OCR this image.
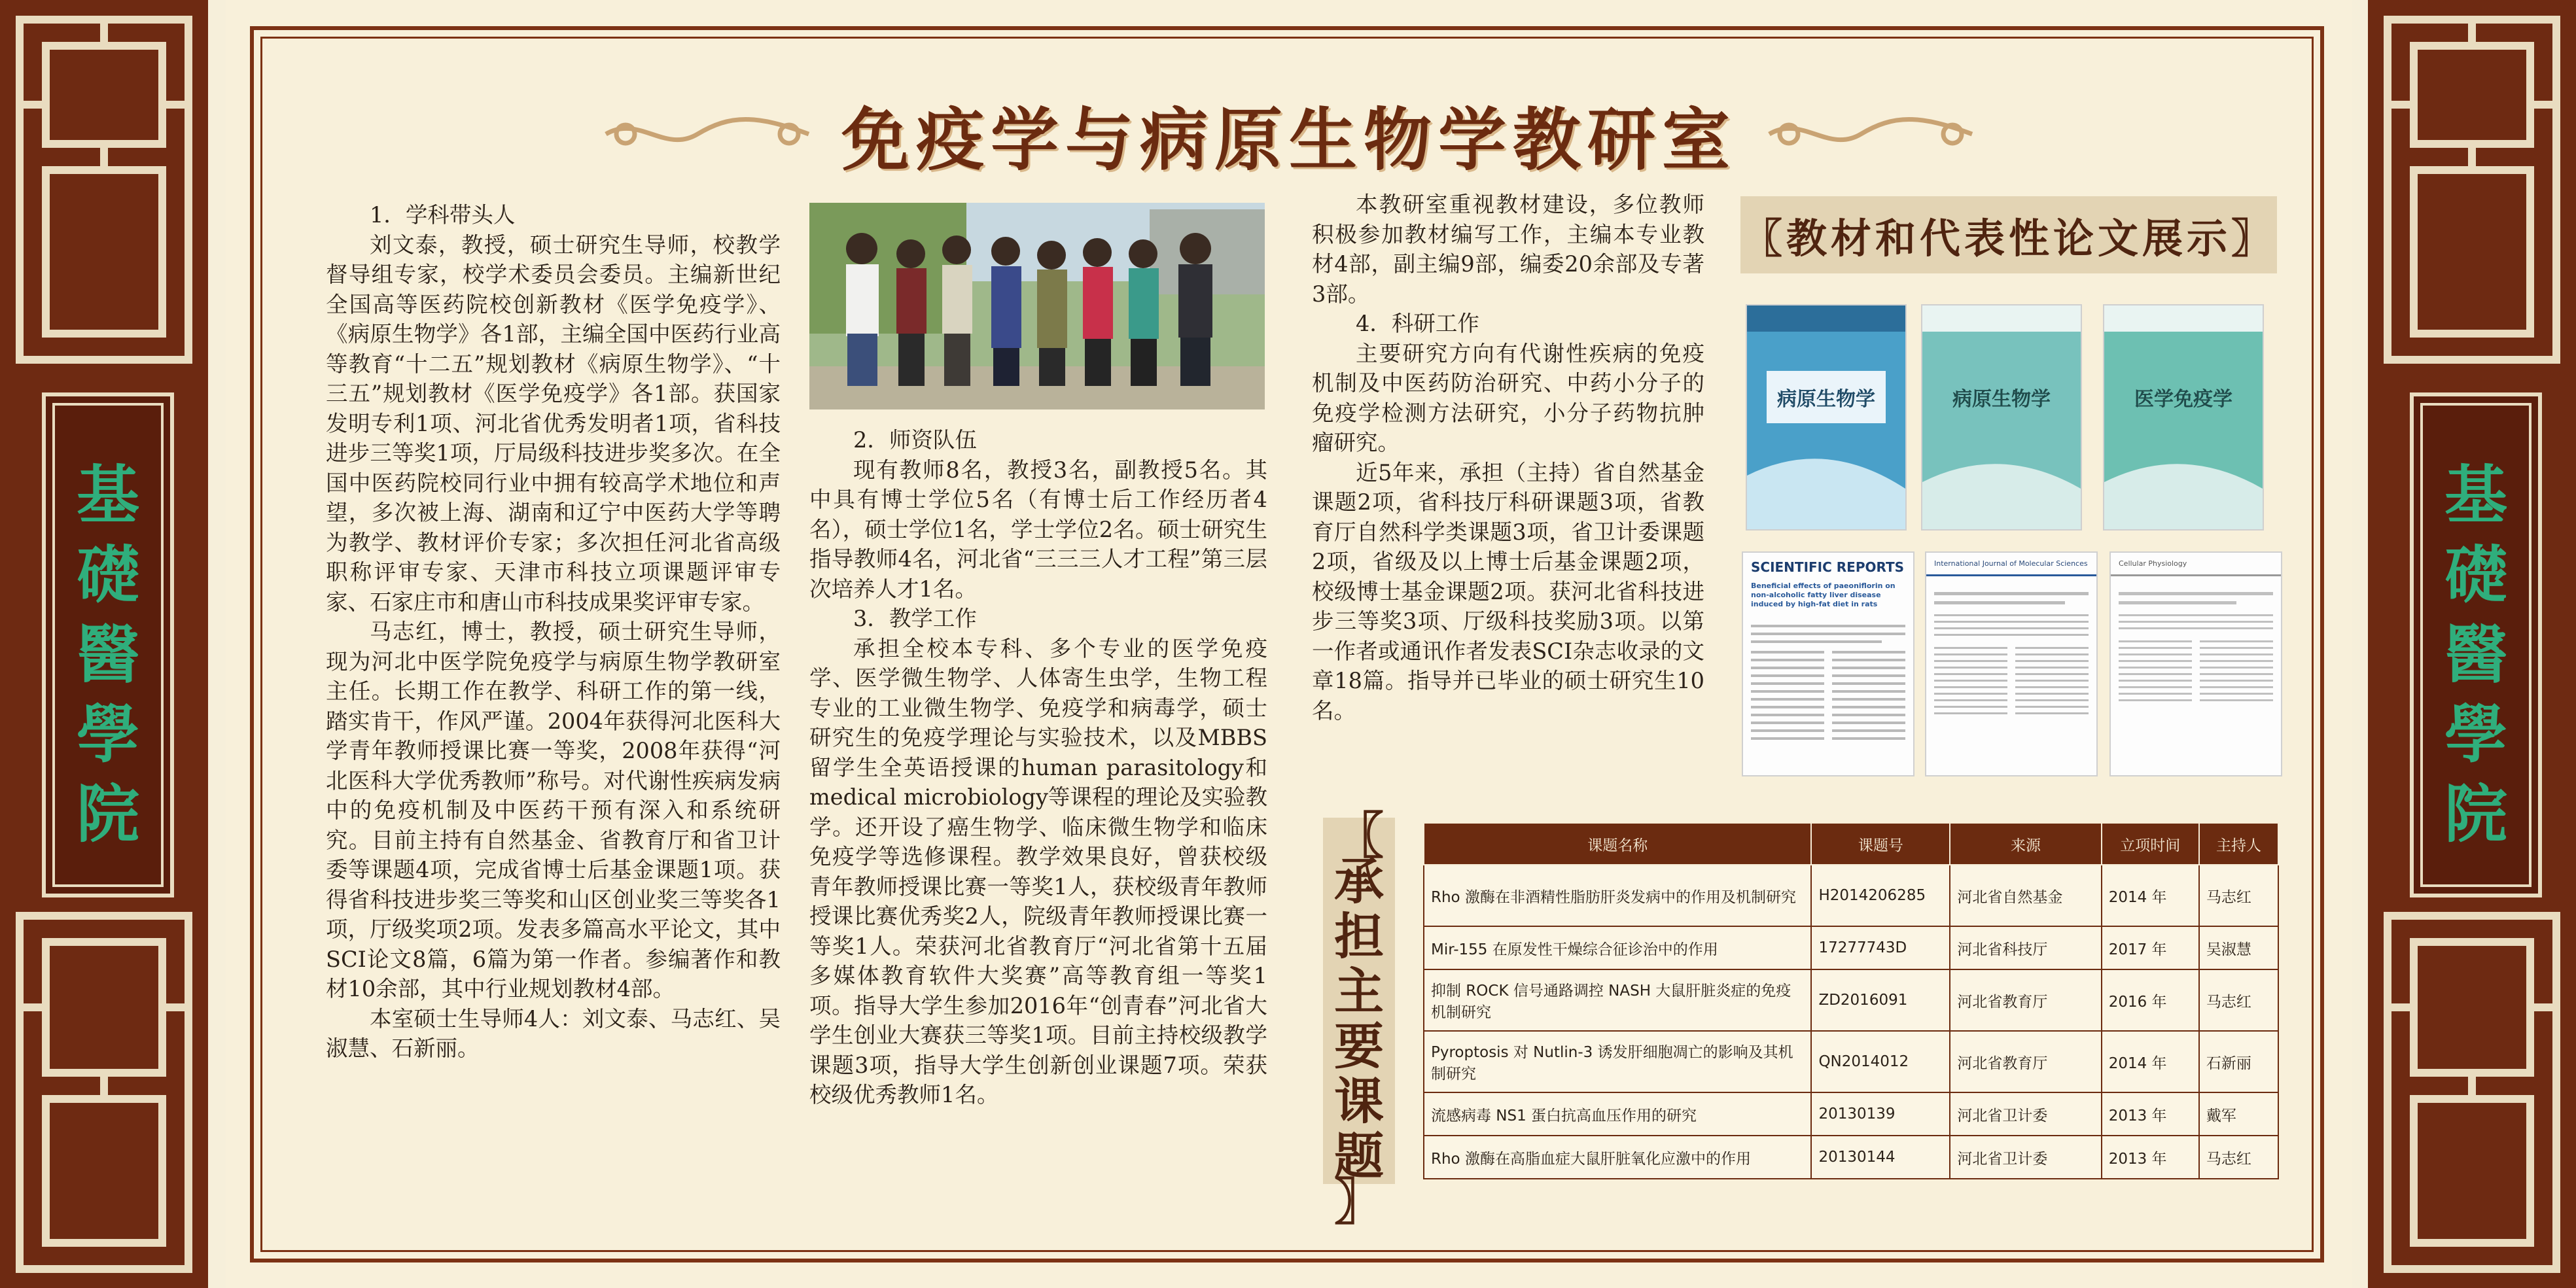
基
礎
醫
學
院
基
礎
醫
學
院
免疫学与病原生物学教研室

1．学科带头人

刘文泰，教授，硕士研究生导师，校教学督导组专家，校学术委员会委员。主编新世纪全国高等医药院校创新教材《医学免疫学》、《病原生物学》各1部，主编全国中医药行业高等教育“十二五”规划教材《病原生物学》、“十三五”规划教材《医学免疫学》各1部。获国家发明专利1项、河北省优秀发明者1项，省科技进步三等奖1项，厅局级科技进步奖多次。在全国中医药院校同行业中拥有较高学术地位和声望，多次被上海、湖南和辽宁中医药大学等聘为教学、教材评价专家；多次担任河北省高级职称评审专家、天津市科技立项课题评审专家、石家庄市和唐山市科技成果奖评审专家。

马志红，博士，教授，硕士研究生导师，现为河北中医学院免疫学与病原生物学教研室主任。长期工作在教学、科研工作的第一线，踏实肯干，作风严谨。2004年获得河北医科大学青年教师授课比赛一等奖，2008年获得“河北医科大学优秀教师”称号。对代谢性疾病发病中的免疫机制及中医药干预有深入和系统研究。目前主持有自然基金、省教育厅和省卫计委等课题4项，完成省博士后基金课题1项。获得省科技进步奖三等奖和山区创业奖三等奖各1项，厅级奖项2项。发表多篇高水平论文，其中SCI论文8篇，6篇为第一作者。参编著作和教材10余部，其中行业规划教材4部。

本室硕士生导师4人：刘文泰、马志红、吴淑慧、石新丽。

2．师资队伍

现有教师8名，教授3名，副教授5名。其中具有博士学位5名（有博士后工作经历者4名），硕士学位1名，学士学位2名。硕士研究生指导教师4名，河北省“三三三人才工程”第三层次培养人才1名。

3．教学工作

承担全校本专科、多个专业的医学免疫学、医学微生物学、人体寄生虫学，生物工程专业的工业微生物学、免疫学和病毒学，硕士研究生的免疫学理论与实验技术，以及MBBS留学生全英语授课的human parasitology和medical microbiology等课程的理论及实验教学。还开设了癌生物学、临床微生物学和临床免疫学等选修课程。教学效果良好，曾获校级青年教师授课比赛一等奖1人，获校级青年教师授课比赛优秀奖2人，院级青年教师授课比赛一等奖1人。荣获河北省教育厅“河北省第十五届多媒体教育软件大奖赛”高等教育组一等奖1项。指导大学生参加2016年“创青春”河北省大学生创业大赛获三等奖1项。目前主持校级教学课题3项，指导大学生创新创业课题7项。荣获校级优秀教师1名。

本教研室重视教材建设，多位教师积极参加教材编写工作，主编本专业教材4部，副主编9部，编委20余部及专著3部。

4．科研工作

主要研究方向有代谢性疾病的免疫机制及中医药防治研究、中药小分子的免疫学检测方法研究，小分子药物抗肿瘤研究。

近5年来，承担（主持）省自然基金课题2项，省科技厅科研课题3项，省教育厅自然科学类课题3项，省卫计委课题2项，省级及以上博士后基金课题2项，校级博士基金课题2项。获河北省科技进步三等奖3项、厅级科技奖励3项。以第一作者或通讯作者发表SCI杂志收录的文章18篇。指导并已毕业的硕士研究生10名。

〖教材和代表性论文展示〗
病原生物学	病原生物学	医学免疫学
SCIENTIFIC REPORTS
Beneficial effects of paeoniflorin on non-alcoholic fatty liver disease induced by high-fat diet in rats
International Journal of Molecular Sciences	Cellular Physiology
〖
承
担
主
要
课
题
〗
课题名称	课题号	来源	立项时间	主持人
Rho 激酶在非酒精性脂肪肝炎发病中的作用及机制研究	H2014206285	河北省自然基金	2014 年	马志红
Mir-155 在原发性干燥综合征诊治中的作用	17277743D	河北省科技厅	2017 年	吴淑慧
抑制 ROCK 信号通路调控 NASH 大鼠肝脏炎症的免疫机制研究	ZD2016091	河北省教育厅	2016 年	马志红
Pyroptosis 对 Nutlin-3 诱发肝细胞凋亡的影响及其机制研究	QN2014012	河北省教育厅	2014 年	石新丽
流感病毒 NS1 蛋白抗高血压作用的研究	20130139	河北省卫计委	2013 年	戴军
Rho 激酶在高脂血症大鼠肝脏氧化应激中的作用	20130144	河北省卫计委	2013 年	马志红
